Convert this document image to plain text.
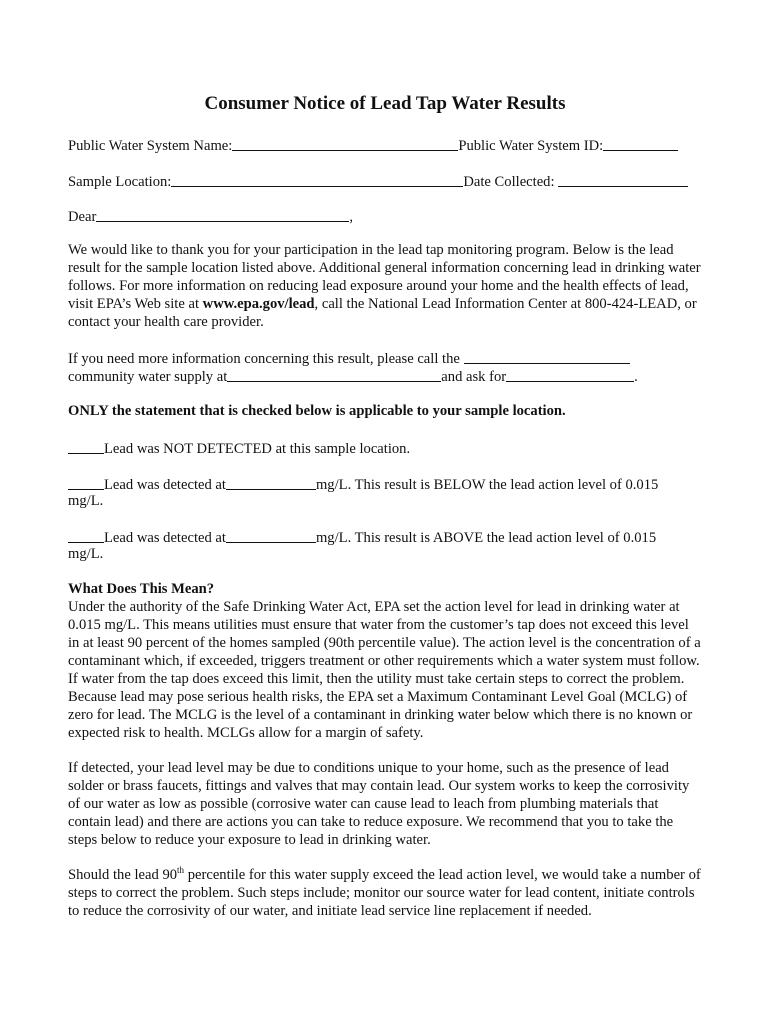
Consumer Notice of Lead Tap Water Results
Public Water System Name:	Public Water System ID:
Sample Location:	Date Collected:
Dear	,
We would like to thank you for your participation in the lead tap monitoring program. Below is the lead result for the sample location listed above. Additional general information concerning lead in drinking water follows. For more information on reducing lead exposure around your home and the health effects of lead, visit EPA’s Web site at www.epa.gov/lead, call the National Lead Information Center at 800-424-LEAD, or contact your health care provider.
If you need more information concerning this result, please call the
community water supply at	and ask for	.
ONLY the statement that is checked below is applicable to your sample location.
Lead was NOT DETECTED at this sample location.
Lead was detected at	mg/L. This result is BELOW the lead action level of 0.015
mg/L.
Lead was detected at	mg/L. This result is ABOVE the lead action level of 0.015
mg/L.
What Does This Mean?
Under the authority of the Safe Drinking Water Act, EPA set the action level for lead in drinking water at 0.015 mg/L. This means utilities must ensure that water from the customer’s tap does not exceed this level in at least 90 percent of the homes sampled (90th percentile value). The action level is the concentration of a contaminant which, if exceeded, triggers treatment or other requirements which a water system must follow. If water from the tap does exceed this limit, then the utility must take certain steps to correct the problem. Because lead may pose serious health risks, the EPA set a Maximum Contaminant Level Goal (MCLG) of zero for lead. The MCLG is the level of a contaminant in drinking water below which there is no known or expected risk to health. MCLGs allow for a margin of safety.
If detected, your lead level may be due to conditions unique to your home, such as the presence of lead solder or brass faucets, fittings and valves that may contain lead. Our system works to keep the corrosivity of our water as low as possible (corrosive water can cause lead to leach from plumbing materials that contain lead) and there are actions you can take to reduce exposure. We recommend that you to take the steps below to reduce your exposure to lead in drinking water.
Should the lead 90th percentile for this water supply exceed the lead action level, we would take a number of steps to correct the problem. Such steps include; monitor our source water for lead content, initiate controls to reduce the corrosivity of our water, and initiate lead service line replacement if needed.
